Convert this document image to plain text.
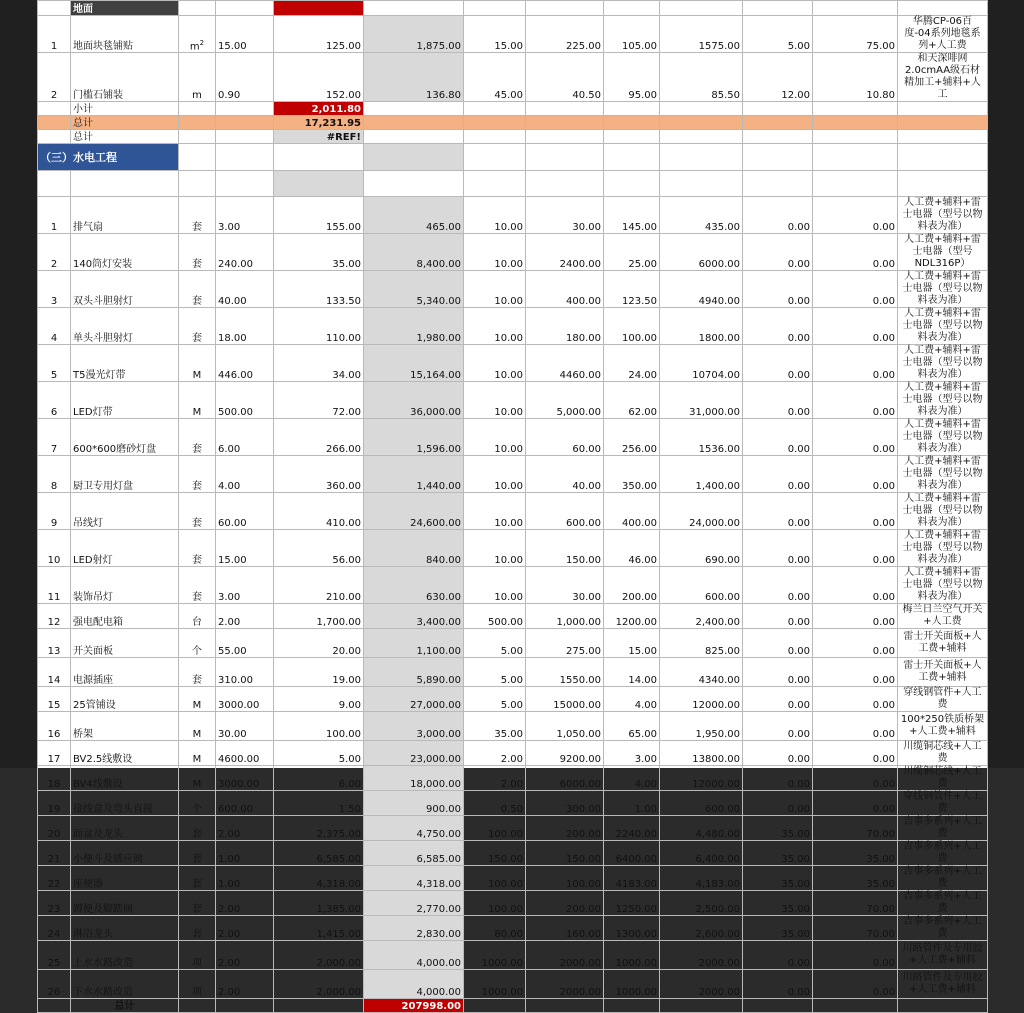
	地面											
1	地面块毯铺贴	$m^2$	15.00	125.00	1,875.00	15.00	225.00	105.00	1575.00	5.00	75.00	华腾CP-06百度-04系列地毯系列+人工费
2	门槛石铺装	m	0.90	152.00	136.80	45.00	40.50	95.00	85.50	12.00	10.80	和天深啡网2.0cmAA级石材精加工+辅料+人工
	小计			2,011.80								
	总计			17,231.95								
	总计			#REF!								
（三）水电工程												

1	排气扇	套	3.00	155.00	465.00	10.00	30.00	145.00	435.00	0.00	0.00	人工费+辅料+雷士电器（型号以物料表为准）
2	140筒灯安装	套	240.00	35.00	8,400.00	10.00	2400.00	25.00	6000.00	0.00	0.00	人工费+辅料+雷士电器（型号NDL316P）
3	双头斗胆射灯	套	40.00	133.50	5,340.00	10.00	400.00	123.50	4940.00	0.00	0.00	人工费+辅料+雷士电器（型号以物料表为准）
4	单头斗胆射灯	套	18.00	110.00	1,980.00	10.00	180.00	100.00	1800.00	0.00	0.00	人工费+辅料+雷士电器（型号以物料表为准）
5	T5漫光灯带	M	446.00	34.00	15,164.00	10.00	4460.00	24.00	10704.00	0.00	0.00	人工费+辅料+雷士电器（型号以物料表为准）
6	LED灯带	M	500.00	72.00	36,000.00	10.00	5,000.00	62.00	31,000.00	0.00	0.00	人工费+辅料+雷士电器（型号以物料表为准）
7	600*600磨砂灯盘	套	6.00	266.00	1,596.00	10.00	60.00	256.00	1536.00	0.00	0.00	人工费+辅料+雷士电器（型号以物料表为准）
8	厨卫专用灯盘	套	4.00	360.00	1,440.00	10.00	40.00	350.00	1,400.00	0.00	0.00	人工费+辅料+雷士电器（型号以物料表为准）
9	吊线灯	套	60.00	410.00	24,600.00	10.00	600.00	400.00	24,000.00	0.00	0.00	人工费+辅料+雷士电器（型号以物料表为准）
10	LED射灯	套	15.00	56.00	840.00	10.00	150.00	46.00	690.00	0.00	0.00	人工费+辅料+雷士电器（型号以物料表为准）
11	装饰吊灯	套	3.00	210.00	630.00	10.00	30.00	200.00	600.00	0.00	0.00	人工费+辅料+雷士电器（型号以物料表为准）
12	强电配电箱	台	2.00	1,700.00	3,400.00	500.00	1,000.00	1200.00	2,400.00	0.00	0.00	梅兰日兰空气开关+人工费
13	开关面板	个	55.00	20.00	1,100.00	5.00	275.00	15.00	825.00	0.00	0.00	雷士开关面板+人工费+辅料
14	电源插座	套	310.00	19.00	5,890.00	5.00	1550.00	14.00	4340.00	0.00	0.00	雷士开关面板+人工费+辅料
15	25管铺设	M	3000.00	9.00	27,000.00	5.00	15000.00	4.00	12000.00	0.00	0.00	穿线钢管件+人工费
16	桥架	M	30.00	100.00	3,000.00	35.00	1,050.00	65.00	1,950.00	0.00	0.00	100*250铁质桥架+人工费+辅料
17	BV2.5线敷设	M	4600.00	5.00	23,000.00	2.00	9200.00	3.00	13800.00	0.00	0.00	川缆铜芯线+人工费
18	BV4线敷设	M	3000.00	6.00	18,000.00	2.00	6000.00	4.00	12000.00	0.00	0.00	川缆铜芯线+人工费
19	接线盒及弯头直接	个	600.00	1.50	900.00	0.50	300.00	1.00	600.00	0.00	0.00	穿线钢管件+人工费
20	面盆及龙头	套	2.00	2,375.00	4,750.00	100.00	200.00	2240.00	4,480.00	35.00	70.00	吉事多系列+人工费
21	小便斗及感应阀	套	1.00	6,585.00	6,585.00	150.00	150.00	6400.00	6,400.00	35.00	35.00	吉事多系列+人工费
22	座便器	套	1.00	4,318.00	4,318.00	100.00	100.00	4183.00	4,183.00	35.00	35.00	吉事多系列+人工费
23	蹲便及脚踏阀	套	2.00	1,385.00	2,770.00	100.00	200.00	1250.00	2,500.00	35.00	70.00	吉事多系列+人工费
24	淋浴龙头	套	2.00	1,415.00	2,830.00	80.00	160.00	1300.00	2,600.00	35.00	70.00	吉事多系列+人工费
25	上水水路改造	项	2.00	2,000.00	4,000.00	1000.00	2000.00	1000.00	2000.00	0.00	0.00	川路管件及专用胶+人工费+辅料
26	下水水路改造	项	2.00	2,000.00	4,000.00	1000.00	2000.00	1000.00	2000.00	0.00	0.00	川路管件及专用胶+人工费+辅料
	总计				207998.00							
